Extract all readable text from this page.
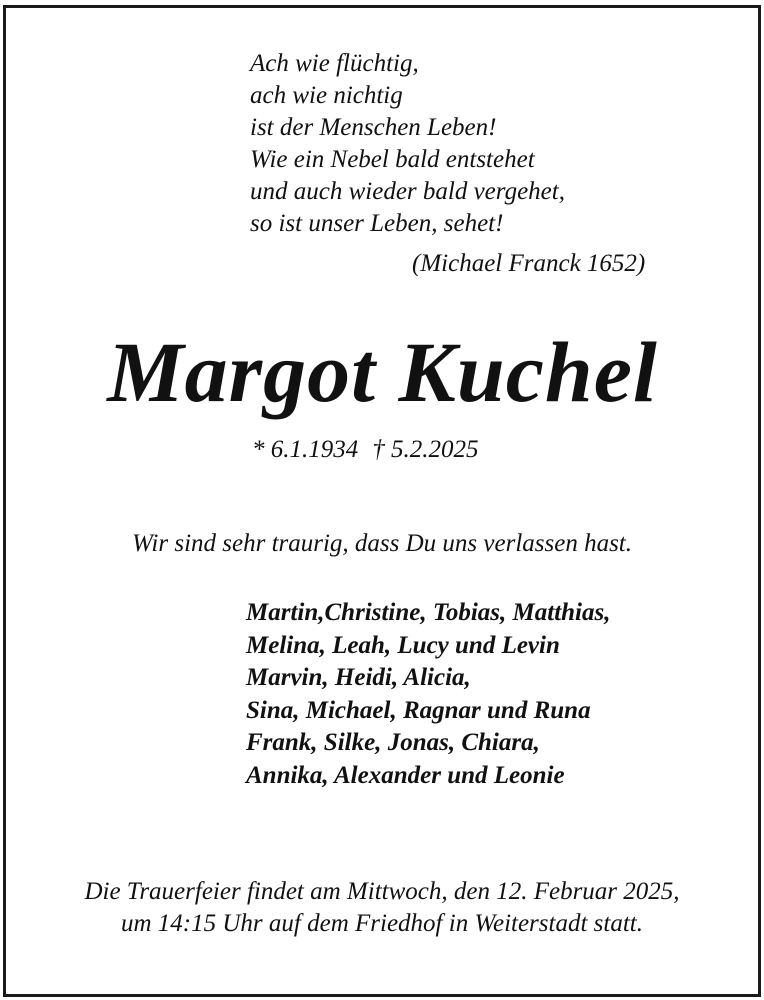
Ach wie flüchtig,
ach wie nichtig
ist der Menschen Leben!
Wie ein Nebel bald entstehet
und auch wieder bald vergehet,
so ist unser Leben, sehet!
(Michael Franck 1652)
Margot Kuchel
* 6.1.1934 † 5.2.2025
Wir sind sehr traurig, dass Du uns verlassen hast.
Martin,Christine, Tobias, Matthias,
Melina, Leah, Lucy und Levin
Marvin, Heidi, Alicia,
Sina, Michael, Ragnar und Runa
Frank, Silke, Jonas, Chiara,
Annika, Alexander und Leonie
Die Trauerfeier findet am Mittwoch, den 12. Februar 2025,
um 14:15 Uhr auf dem Friedhof in Weiterstadt statt.
